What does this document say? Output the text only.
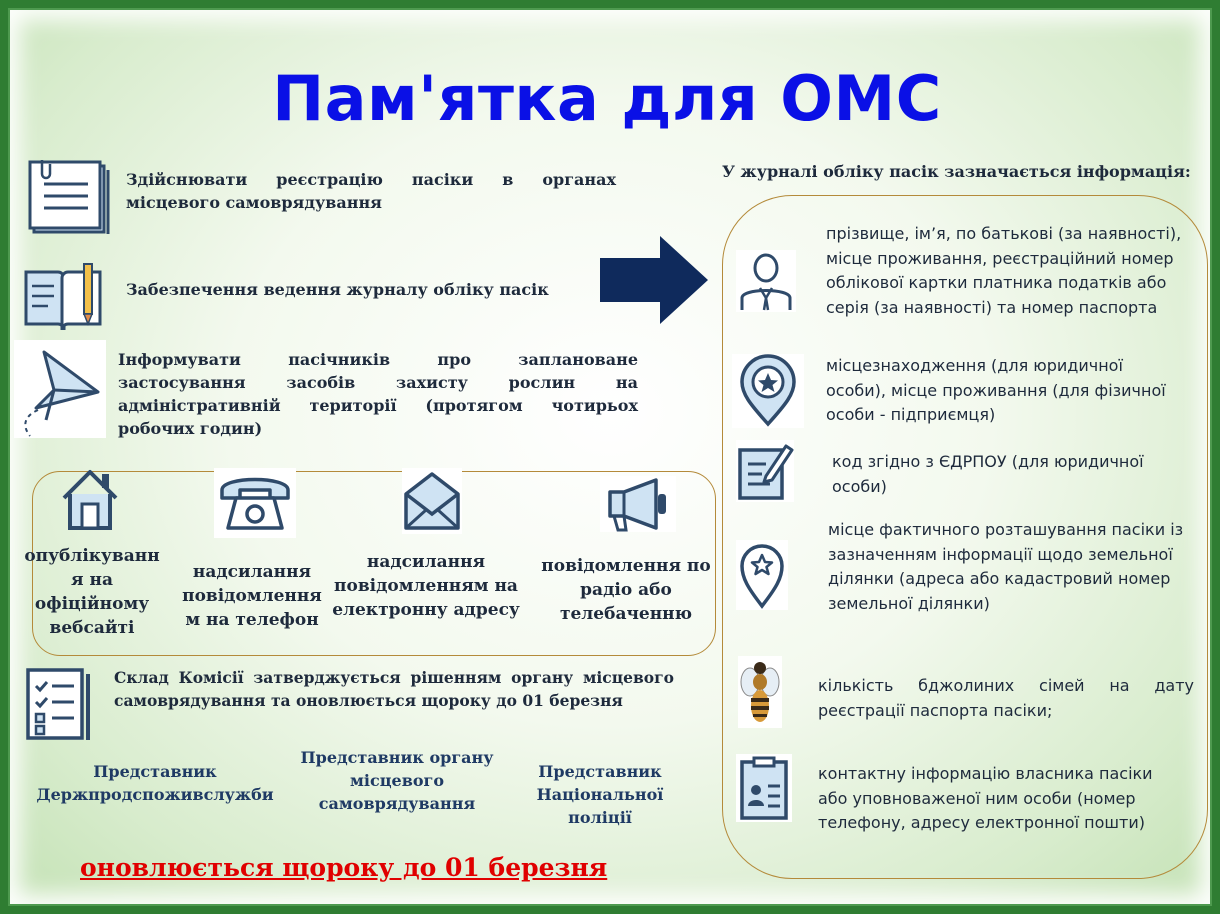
Пам'ятка для ОМС
Здійснювати реєстрацію пасіки в органах місцевого самоврядування
Забезпечення ведення журналу обліку пасік
Інформувати пасічників про заплановане застосування засобів захисту рослин на адміністративній території (протягом чотирьох робочих годин)
опублікуванн я на офіційному вебсайті
надсилання повідомлення м на телефон
надсилання повідомленням на електронну адресу
повідомлення по радіо або телебаченню
Склад Комісії затверджується рішенням органу місцевого самоврядування та оновлюється щороку до 01 березня
Представник Держпродспоживслужби
Представник органу місцевого самоврядування
Представник Національної поліції
оновлюється щороку до 01 березня
У журналі обліку пасік зазначається інформація:
прізвище, ім’я, по батькові (за наявності), місце проживання, реєстраційний номер облікової картки платника податків або серія (за наявності) та номер паспорта
місцезнаходження (для юридичної особи), місце проживання (для фізичної особи - підприємця)
код згідно з ЄДРПОУ (для юридичної особи)
місце фактичного розташування пасіки із зазначенням інформації щодо земельної ділянки (адреса або кадастровий номер земельної ділянки)
кількість бджолиних сімей на дату реєстрації паспорта пасіки;
контактну інформацію власника пасіки або уповноваженої ним особи (номер телефону, адресу електронної пошти)
